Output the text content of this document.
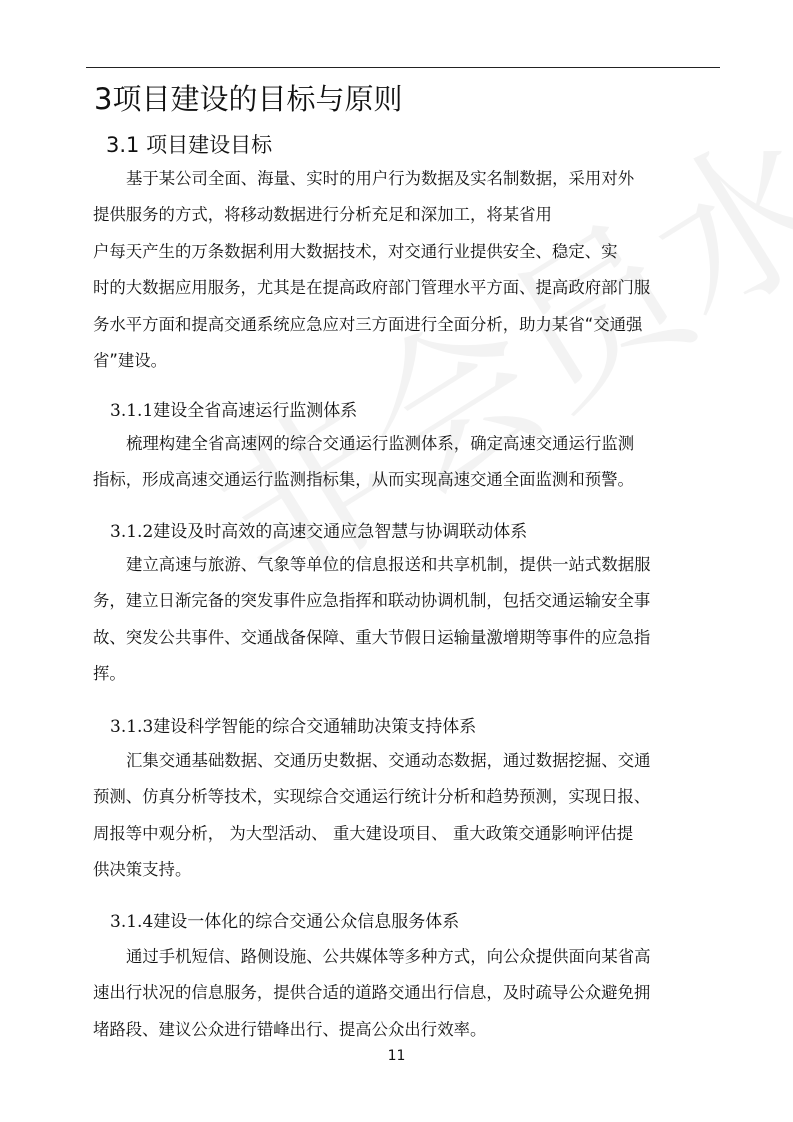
3项目建设的目标与原则
3.1 项目建设目标
基于某公司全面、海量、实时的用户行为数据及实名制数据，采用对外
提供服务的方式，将移动数据进行分析充足和深加工，将某省用
户每天产生的万条数据利用大数据技术，对交通行业提供安全、稳定、实
时的大数据应用服务，尤其是在提高政府部门管理水平方面、提高政府部门服
务水平方面和提高交通系统应急应对三方面进行全面分析，助力某省“交通强
省”建设。
3.1.1建设全省高速运行监测体系
梳理构建全省高速网的综合交通运行监测体系，确定高速交通运行监测
指标，形成高速交通运行监测指标集，从而实现高速交通全面监测和预警。
3.1.2建设及时高效的高速交通应急智慧与协调联动体系
建立高速与旅游、气象等单位的信息报送和共享机制，提供一站式数据服
务，建立日渐完备的突发事件应急指挥和联动协调机制，包括交通运输安全事
故、突发公共事件、交通战备保障、重大节假日运输量激增期等事件的应急指
挥。
3.1.3建设科学智能的综合交通辅助决策支持体系
汇集交通基础数据、交通历史数据、交通动态数据，通过数据挖掘、交通
预测、仿真分析等技术，实现综合交通运行统计分析和趋势预测，实现日报、
周报等中观分析， 为大型活动、 重大建设项目、 重大政策交通影响评估提
供决策支持。
3.1.4建设一体化的综合交通公众信息服务体系
通过手机短信、路侧设施、公共媒体等多种方式，向公众提供面向某省高
速出行状况的信息服务，提供合适的道路交通出行信息，及时疏导公众避免拥
堵路段、建议公众进行错峰出行、提高公众出行效率。
11
